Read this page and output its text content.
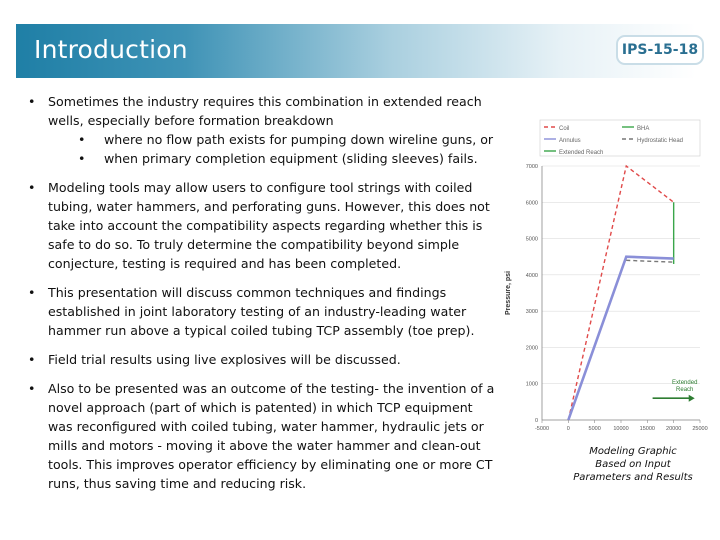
Introduction	IPS-15-18
• Sometimes the industry requires this combination in extended reach wells, especially before formation breakdown
• where no flow path exists for pumping down wireline guns, or
• when primary completion equipment (sliding sleeves) fails.
• Modeling tools may allow users to configure tool strings with coiled tubing, water hammers, and perforating guns. However, this does not take into account the compatibility aspects regarding whether this is safe to do so. To truly determine the compatibility beyond simple conjecture, testing is required and has been completed.
• This presentation will discuss common techniques and findings established in joint laboratory testing of an industry-leading water hammer run above a typical coiled tubing TCP assembly (toe prep).
• Field trial results using live explosives will be discussed.
• Also to be presented was an outcome of the testing- the invention of a novel approach (part of which is patented) in which TCP equipment was reconfigured with coiled tubing, water hammer, hydraulic jets or mills and motors - moving it above the water hammer and clean-out tools. This improves operator efficiency by eliminating one or more CT runs, thus saving time and reducing risk.
Coil	BHA
Annulus	Hydrostatic Head
Extended Reach
0
1000
2000
3000
4000
5000
6000
7000
-5000	0	5000 10000 15000 20000 25000
Pressure, psi
Extended
Reach
Modeling Graphic
Based on Input
Parameters and Results
